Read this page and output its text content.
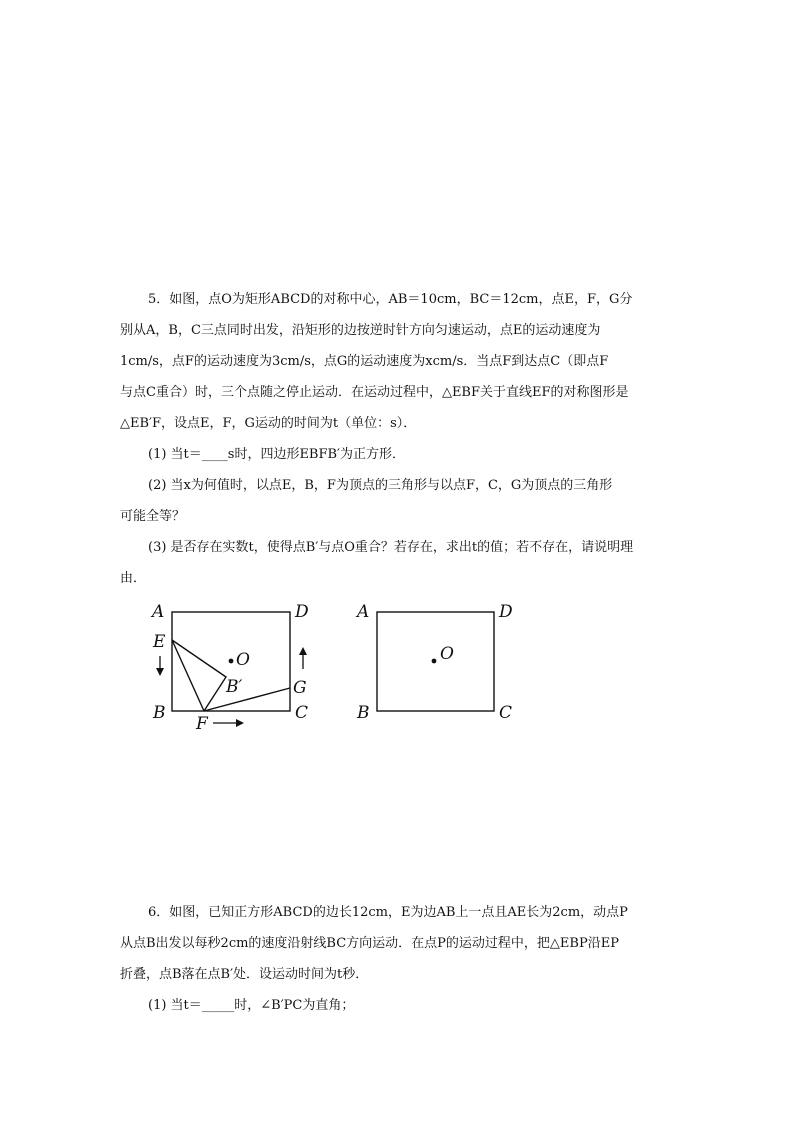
5．如图，点O为矩形ABCD的对称中心，AB＝10cm，BC＝12cm，点E，F，G分
别从A，B，C三点同时出发，沿矩形的边按逆时针方向匀速运动，点E的运动速度为
1cm/s，点F的运动速度为3cm/s，点G的运动速度为xcm/s．当点F到达点C（即点F
与点C重合）时，三个点随之停止运动．在运动过程中，△EBF关于直线EF的对称图形是
△EB′F，设点E，F，G运动的时间为t（单位：s）．
(1) 当t＝____s时，四边形EBFB′为正方形．
(2) 当x为何值时，以点E，B，F为顶点的三角形与以点F，C，G为顶点的三角形
可能全等？
(3) 是否存在实数t，使得点B′与点O重合？若存在，求出t的值；若不存在，请说明理
由．
A	D
E
O
B′	G
B	C
F
A	D
O
B	C
6．如图，已知正方形ABCD的边长12cm，E为边AB上一点且AE长为2cm，动点P
从点B出发以每秒2cm的速度沿射线BC方向运动．在点P的运动过程中，把△EBP沿EP
折叠，点B落在点B′处．设运动时间为t秒．
(1) 当t＝_____时，∠B′PC为直角；
